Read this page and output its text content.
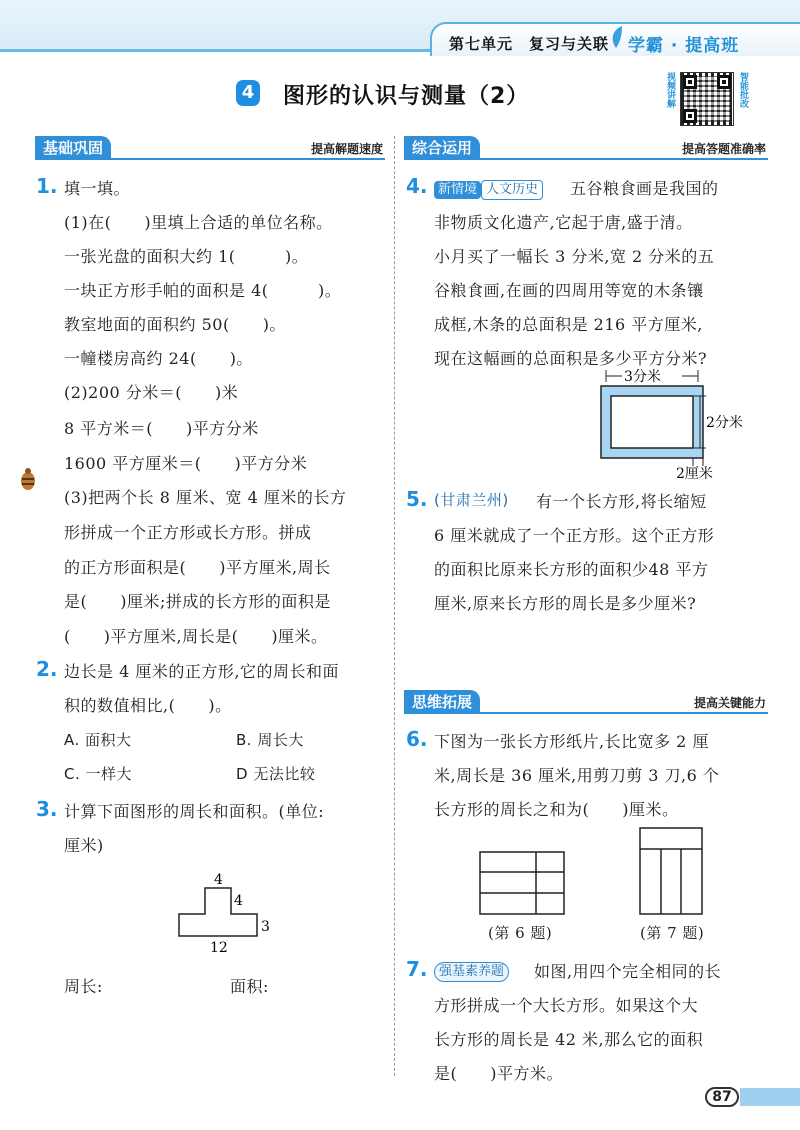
第七单元　复习与关联 学霸 · 提高班
4 图形的认识与测量（2）	视频讲解	智能批改
基础巩固	提高解题速度
1. 填一填。
(1)在(　　)里填上合适的单位名称。
一张光盘的面积大约 1(　　　)。
一块正方形手帕的面积是 4(　　　)。
教室地面的面积约 50(　　)。
一幢楼房高约 24(　　)。
(2)200 分米＝(　　)米
8 平方米＝(　　)平方分米
1600 平方厘米＝(　　)平方分米
(3)把两个长 8 厘米、宽 4 厘米的长方
形拼成一个正方形或长方形。拼成
的正方形面积是(　　)平方厘米,周长
是(　　)厘米;拼成的长方形的面积是
(　　)平方厘米,周长是(　　)厘米。
2. 边长是 4 厘米的正方形,它的周长和面
积的数值相比,(　　)。
A. 面积大	B. 周长大
C. 一样大	D 无法比较
3. 计算下面图形的周长和面积。(单位:
厘米)
4
4
3
12
周长:	面积:
综合运用	提高答题准确率
4. 新情境 人文历史	五谷粮食画是我国的
非物质文化遗产,它起于唐,盛于清。
小月买了一幅长 3 分米,宽 2 分米的五
谷粮食画,在画的四周用等宽的木条镶
成框,木条的总面积是 216 平方厘米,
现在这幅画的总面积是多少平方分米?
3分米
2分米
2厘米
5. (甘肃兰州) 有一个长方形,将长缩短
6 厘米就成了一个正方形。这个正方形
的面积比原来长方形的面积少48 平方
厘米,原来长方形的周长是多少厘米?
思维拓展	提高关键能力
6. 下图为一张长方形纸片,长比宽多 2 厘
米,周长是 36 厘米,用剪刀剪 3 刀,6 个
长方形的周长之和为(　　)厘米。
(第 6 题)	(第 7 题)
7. 强基素养题	如图,用四个完全相同的长
方形拼成一个大长方形。如果这个大
长方形的周长是 42 米,那么它的面积
是(　　)平方米。
87
